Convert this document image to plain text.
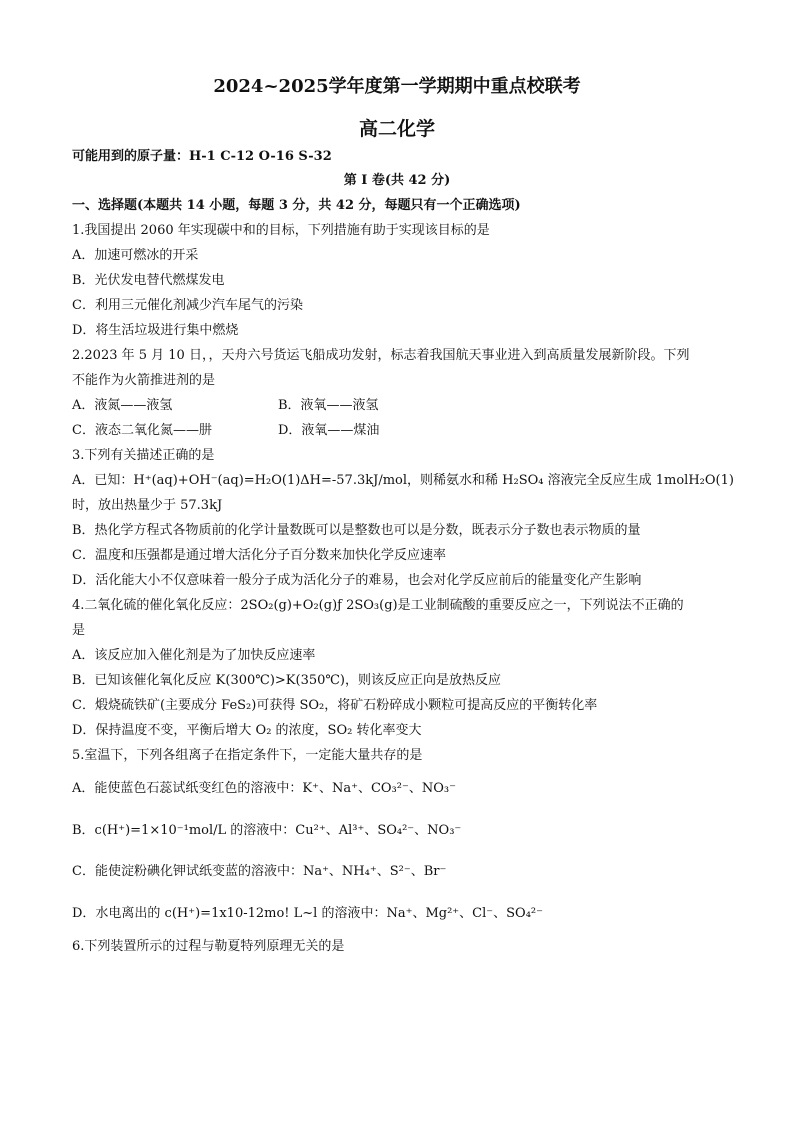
2024~2025学年度第一学期期中重点校联考
高二化学
可能用到的原子量：H-1 C-12 O-16 S-32
第 I 卷(共 42 分)
一、选择题(本题共 14 小题，每题 3 分，共 42 分，每题只有一个正确选项)
1.我国提出 2060 年实现碳中和的目标，下列措施有助于实现该目标的是
A．加速可燃冰的开采
B．光伏发电替代燃煤发电
C．利用三元催化剂减少汽车尾气的污染
D．将生活垃圾进行集中燃烧
2.2023 年 5 月 10 日，，天舟六号货运飞船成功发射，标志着我国航天事业进入到高质量发展新阶段。下列
不能作为火箭推进剂的是
A．液氮——液氢	B．液氧——液氢
C．液态二氧化氮——肼	D．液氧——煤油
3.下列有关描述正确的是
A．已知：H⁺(aq)+OH⁻(aq)=H₂O(1)ΔH=-57.3kJ/mol，则稀氨水和稀 H₂SO₄ 溶液完全反应生成 1molH₂O(1)
时，放出热量少于 57.3kJ
B．热化学方程式各物质前的化学计量数既可以是整数也可以是分数，既表示分子数也表示物质的量
C．温度和压强都是通过增大活化分子百分数来加快化学反应速率
D．活化能大小不仅意味着一般分子成为活化分子的难易，也会对化学反应前后的能量变化产生影响
4.二氧化硫的催化氧化反应：2SO₂(g)+O₂(g)ƒ 2SO₃(g)是工业制硫酸的重要反应之一，下列说法不正确的
是
A．该反应加入催化剂是为了加快反应速率
B．已知该催化氧化反应 K(300℃)>K(350℃)，则该反应正向是放热反应
C．煅烧硫铁矿(主要成分 FeS₂)可获得 SO₂，将矿石粉碎成小颗粒可提高反应的平衡转化率
D．保持温度不变，平衡后增大 O₂ 的浓度，SO₂ 转化率变大
5.室温下，下列各组离子在指定条件下，一定能大量共存的是
A．能使蓝色石蕊试纸变红色的溶液中：K⁺、Na⁺、CO₃²⁻、NO₃⁻
B．c(H⁺)=1×10⁻¹mol/L 的溶液中：Cu²⁺、Al³⁺、SO₄²⁻、NO₃⁻
C．能使淀粉碘化钾试纸变蓝的溶液中：Na⁺、NH₄⁺、S²⁻、Br⁻
D．水电离出的 c(H⁺)=1x10-12mo! L~l 的溶液中：Na⁺、Mg²⁺、Cl⁻、SO₄²⁻
6.下列装置所示的过程与勒夏特列原理无关的是
